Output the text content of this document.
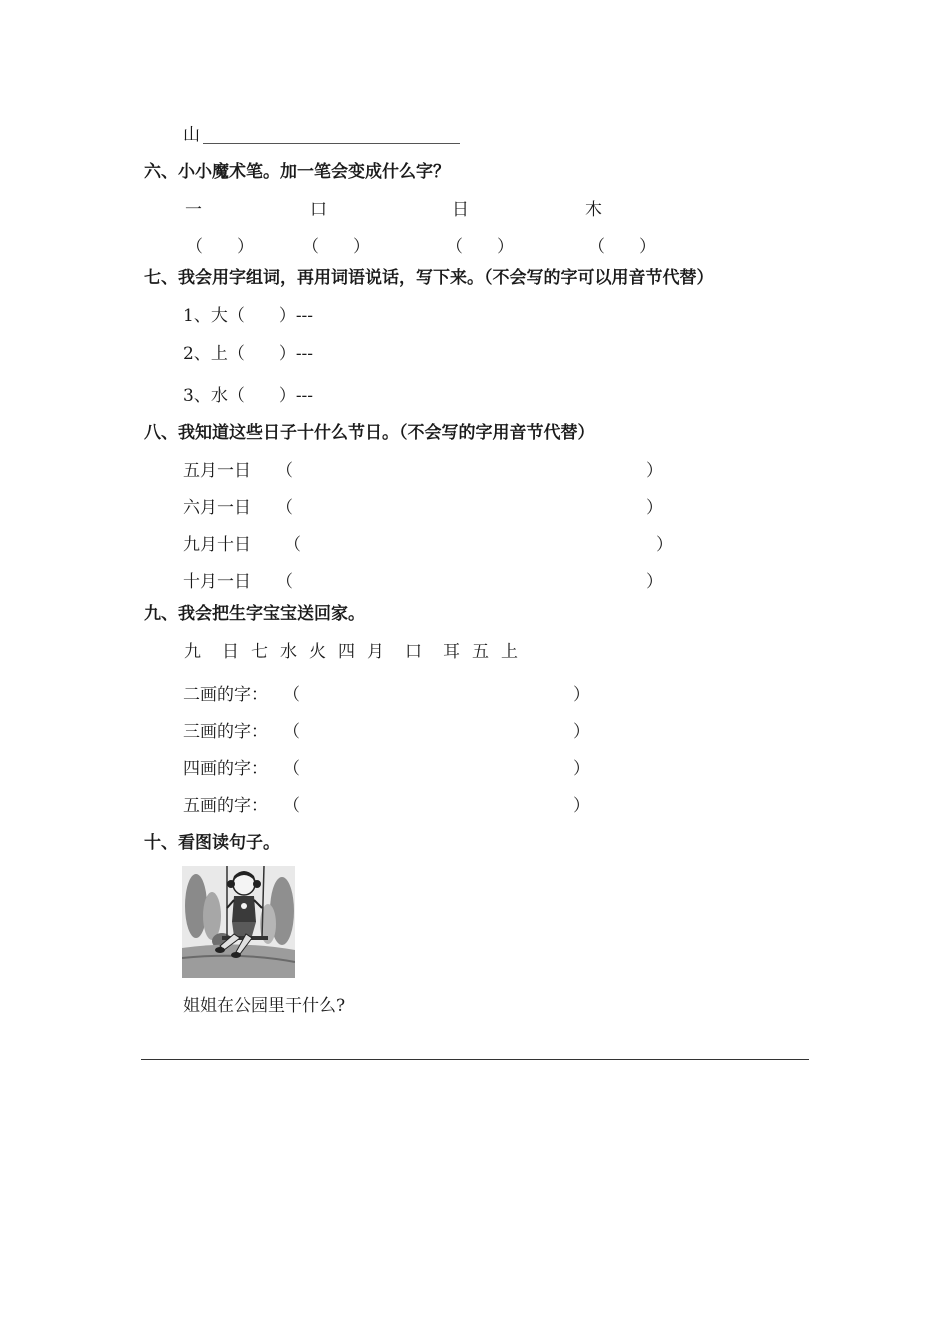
山
六、小小魔术笔。加一笔会变成什么字？
一	口	日	木
（　　）	（　　）	（　　）	（　　）
七、我会用字组词，再用词语说话，写下来。（不会写的字可以用音节代替）
1、大（　　）---
2、上（　　）---
3、水（　　）---
八、我知道这些日子十什么节日。（不会写的字用音节代替）
五月一日 （	）
六月一日 （	）
九月十日 （	）
十月一日 （	）
九、我会把生字宝宝送回家。
九 日 七 水 火 四 月 口 耳 五 上
二画的字： （	）
三画的字： （	）
四画的字： （	）
五画的字： （	）
十、看图读句子。
姐姐在公园里干什么?
